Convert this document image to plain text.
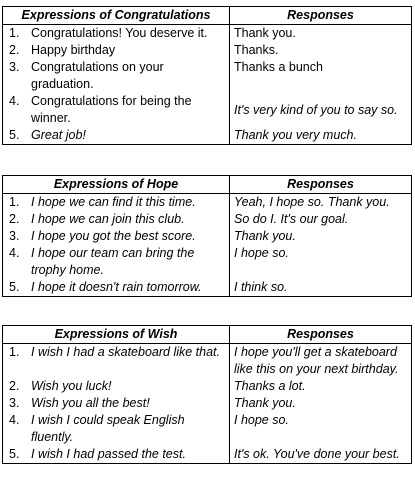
Expressions of Congratulations	Responses

1. Congratulations! You deserve it.	Thank you.

2. Happy birthday	Thanks.

3. Congratulations on your graduation.	Thanks a bunch

4. Congratulations for being the winner.	It's very kind of you to say so.

5. Great job!	Thank you very much.
Expressions of Hope	Responses

1. I hope we can find it this time.	Yeah, I hope so. Thank you.

2. I hope we can join this club.	So do I. It's our goal.

3. I hope you got the best score.	Thank you.

4. I hope our team can bring the trophy home.	I hope so.

5. I hope it doesn't rain tomorrow.	I think so.
Expressions of Wish	Responses

1. I wish I had a skateboard like that.	I hope you'll get a skateboard like this on your next birthday.

2. Wish you luck!	Thanks a lot.

3. Wish you all the best!	Thank you.

4. I wish I could speak English fluently.	I hope so.

5. I wish I had passed the test.	It's ok. You've done your best.
